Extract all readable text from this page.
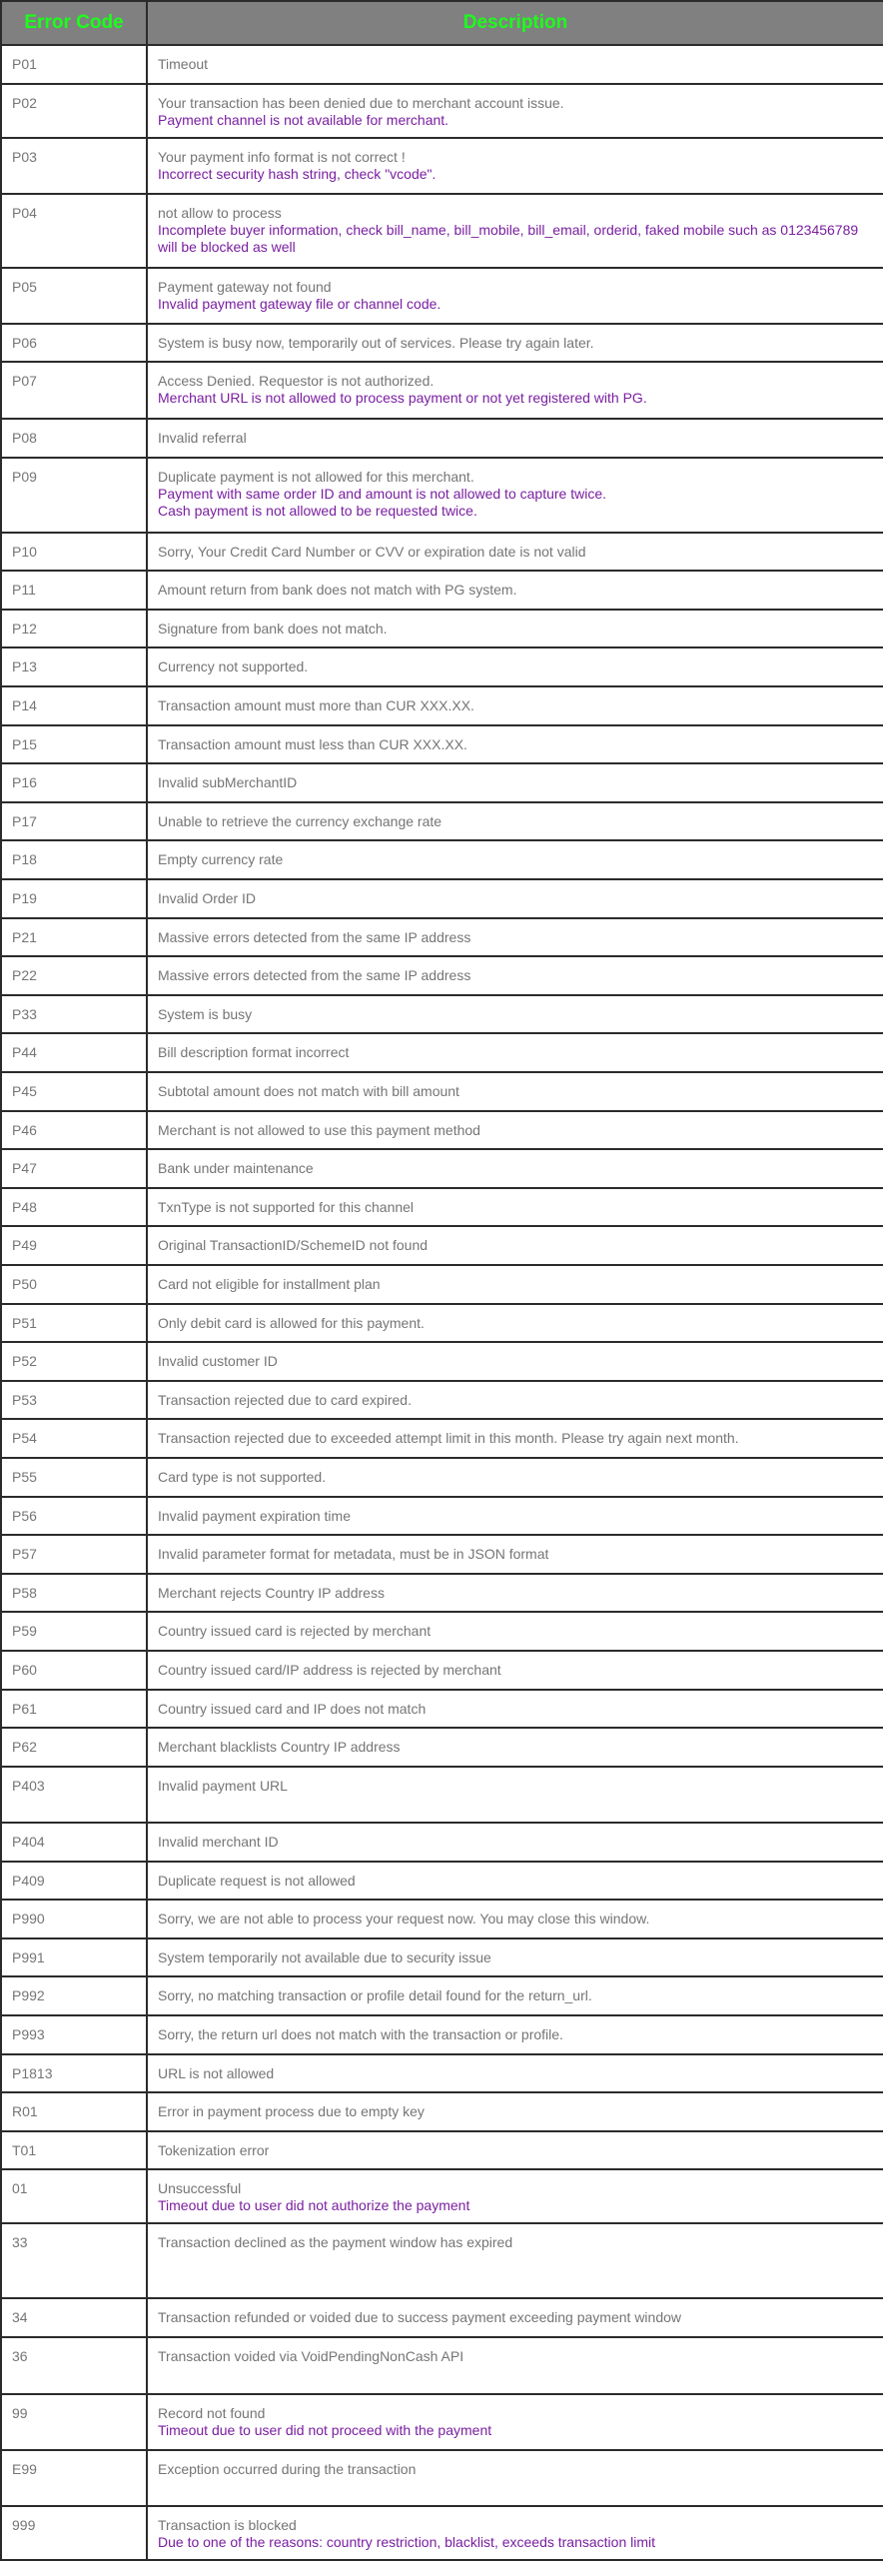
Error Code	Description
P01	Timeout

P02	Your transaction has been denied due to merchant account issue.
Payment channel is not available for merchant.

P03	Your payment info format is not correct !
Incorrect security hash string, check "vcode".

P04	not allow to process
Incomplete buyer information, check bill_name, bill_mobile, bill_email, orderid, faked mobile such as 0123456789 will be blocked as well

P05	Payment gateway not found
Invalid payment gateway file or channel code.

P06	System is busy now, temporarily out of services. Please try again later.

P07	Access Denied. Requestor is not authorized.
Merchant URL is not allowed to process payment or not yet registered with PG.

P08	Invalid referral

P09	Duplicate payment is not allowed for this merchant.
Payment with same order ID and amount is not allowed to capture twice.
Cash payment is not allowed to be requested twice.

P10	Sorry, Your Credit Card Number or CVV or expiration date is not valid

P11	Amount return from bank does not match with PG system.

P12	Signature from bank does not match.

P13	Currency not supported.

P14	Transaction amount must more than CUR XXX.XX.

P15	Transaction amount must less than CUR XXX.XX.

P16	Invalid subMerchantID

P17	Unable to retrieve the currency exchange rate

P18	Empty currency rate

P19	Invalid Order ID

P21	Massive errors detected from the same IP address

P22	Massive errors detected from the same IP address

P33	System is busy

P44	Bill description format incorrect

P45	Subtotal amount does not match with bill amount

P46	Merchant is not allowed to use this payment method

P47	Bank under maintenance

P48	TxnType is not supported for this channel

P49	Original TransactionID/SchemeID not found

P50	Card not eligible for installment plan

P51	Only debit card is allowed for this payment.

P52	Invalid customer ID

P53	Transaction rejected due to card expired.

P54	Transaction rejected due to exceeded attempt limit in this month. Please try again next month.

P55	Card type is not supported.

P56	Invalid payment expiration time

P57	Invalid parameter format for metadata, must be in JSON format

P58	Merchant rejects Country IP address

P59	Country issued card is rejected by merchant

P60	Country issued card/IP address is rejected by merchant

P61	Country issued card and IP does not match

P62	Merchant blacklists Country IP address

P403	Invalid payment URL

P404	Invalid merchant ID

P409	Duplicate request is not allowed

P990	Sorry, we are not able to process your request now. You may close this window.

P991	System temporarily not available due to security issue

P992	Sorry, no matching transaction or profile detail found for the return_url.

P993	Sorry, the return url does not match with the transaction or profile.

P1813	URL is not allowed

R01	Error in payment process due to empty key

T01	Tokenization error

01	Unsuccessful
Timeout due to user did not authorize the payment

33	Transaction declined as the payment window has expired

34	Transaction refunded or voided due to success payment exceeding payment window

36	Transaction voided via VoidPendingNonCash API

99	Record not found
Timeout due to user did not proceed with the payment

E99	Exception occurred during the transaction

999	Transaction is blocked
Due to one of the reasons: country restriction, blacklist, exceeds transaction limit
